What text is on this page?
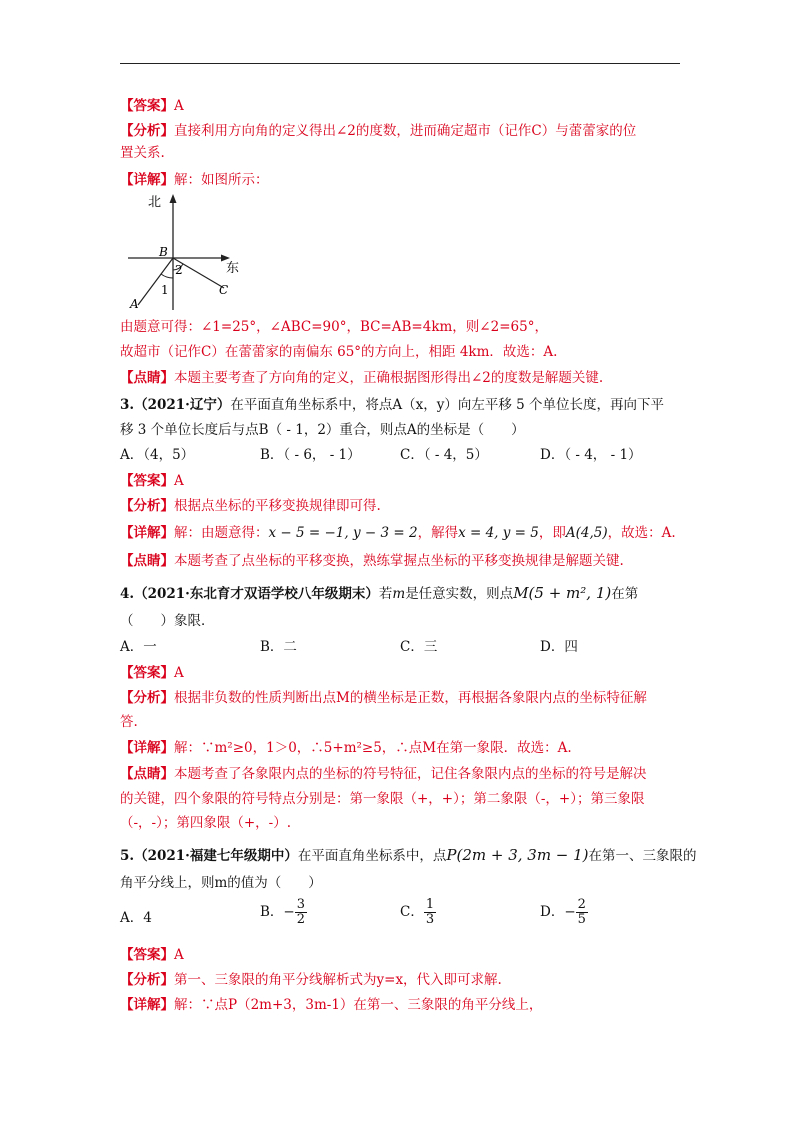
【答案】A
【分析】直接利用方向角的定义得出∠2的度数，进而确定超市（记作C）与蕾蕾家的位
置关系.
【详解】解：如图所示：
北
东
B
A
C
1
2
由题意可得：∠1=25°，∠ABC=90°，BC=AB=4km，则∠2=65°，
故超市（记作C）在蕾蕾家的南偏东 65°的方向上，相距 4km．故选：A.
【点睛】本题主要考查了方向角的定义，正确根据图形得出∠2的度数是解题关键.
3.（2021·辽宁）在平面直角坐标系中，将点A（x，y）向左平移 5 个单位长度，再向下平
移 3 个单位长度后与点B（ - 1，2）重合，则点A的坐标是（　　）
A．（4，5）	B．（ - 6， - 1）	C．（ - 4，5）	D．（ - 4， - 1）
【答案】A
【分析】根据点坐标的平移变换规律即可得.
【详解】解：由题意得：x − 5 = −1, y − 3 = 2，解得x = 4, y = 5，即A(4,5)，故选：A.
【点睛】本题考查了点坐标的平移变换，熟练掌握点坐标的平移变换规律是解题关键.
4.（2021·东北育才双语学校八年级期末）若m是任意实数，则点M(5 + m², 1)在第
（　　）象限．
A．一	B．二	C．三	D．四
【答案】A
【分析】根据非负数的性质判断出点M的横坐标是正数，再根据各象限内点的坐标特征解
答.
【详解】解：∵m²≥0，1＞0，∴5+m²≥5，∴点M在第一象限．故选：A.
【点睛】本题考查了各象限内点的坐标的符号特征，记住各象限内点的坐标的符号是解决
的关键，四个象限的符号特点分别是：第一象限（+，+）；第二象限（-，+）；第三象限
（-，-）；第四象限（+，-）.
5.（2021·福建七年级期中）在平面直角坐标系中，点P(2m + 3, 3m − 1)在第一、三象限的
角平分线上，则m的值为（　　）
A．4	B．− $\frac{3}{2}$	C． $\frac{1}{3}$	D．− $\frac{2}{5}$
【答案】A
【分析】第一、三象限的角平分线解析式为y=x，代入即可求解.
【详解】解：∵点P（2m+3，3m-1）在第一、三象限的角平分线上，
